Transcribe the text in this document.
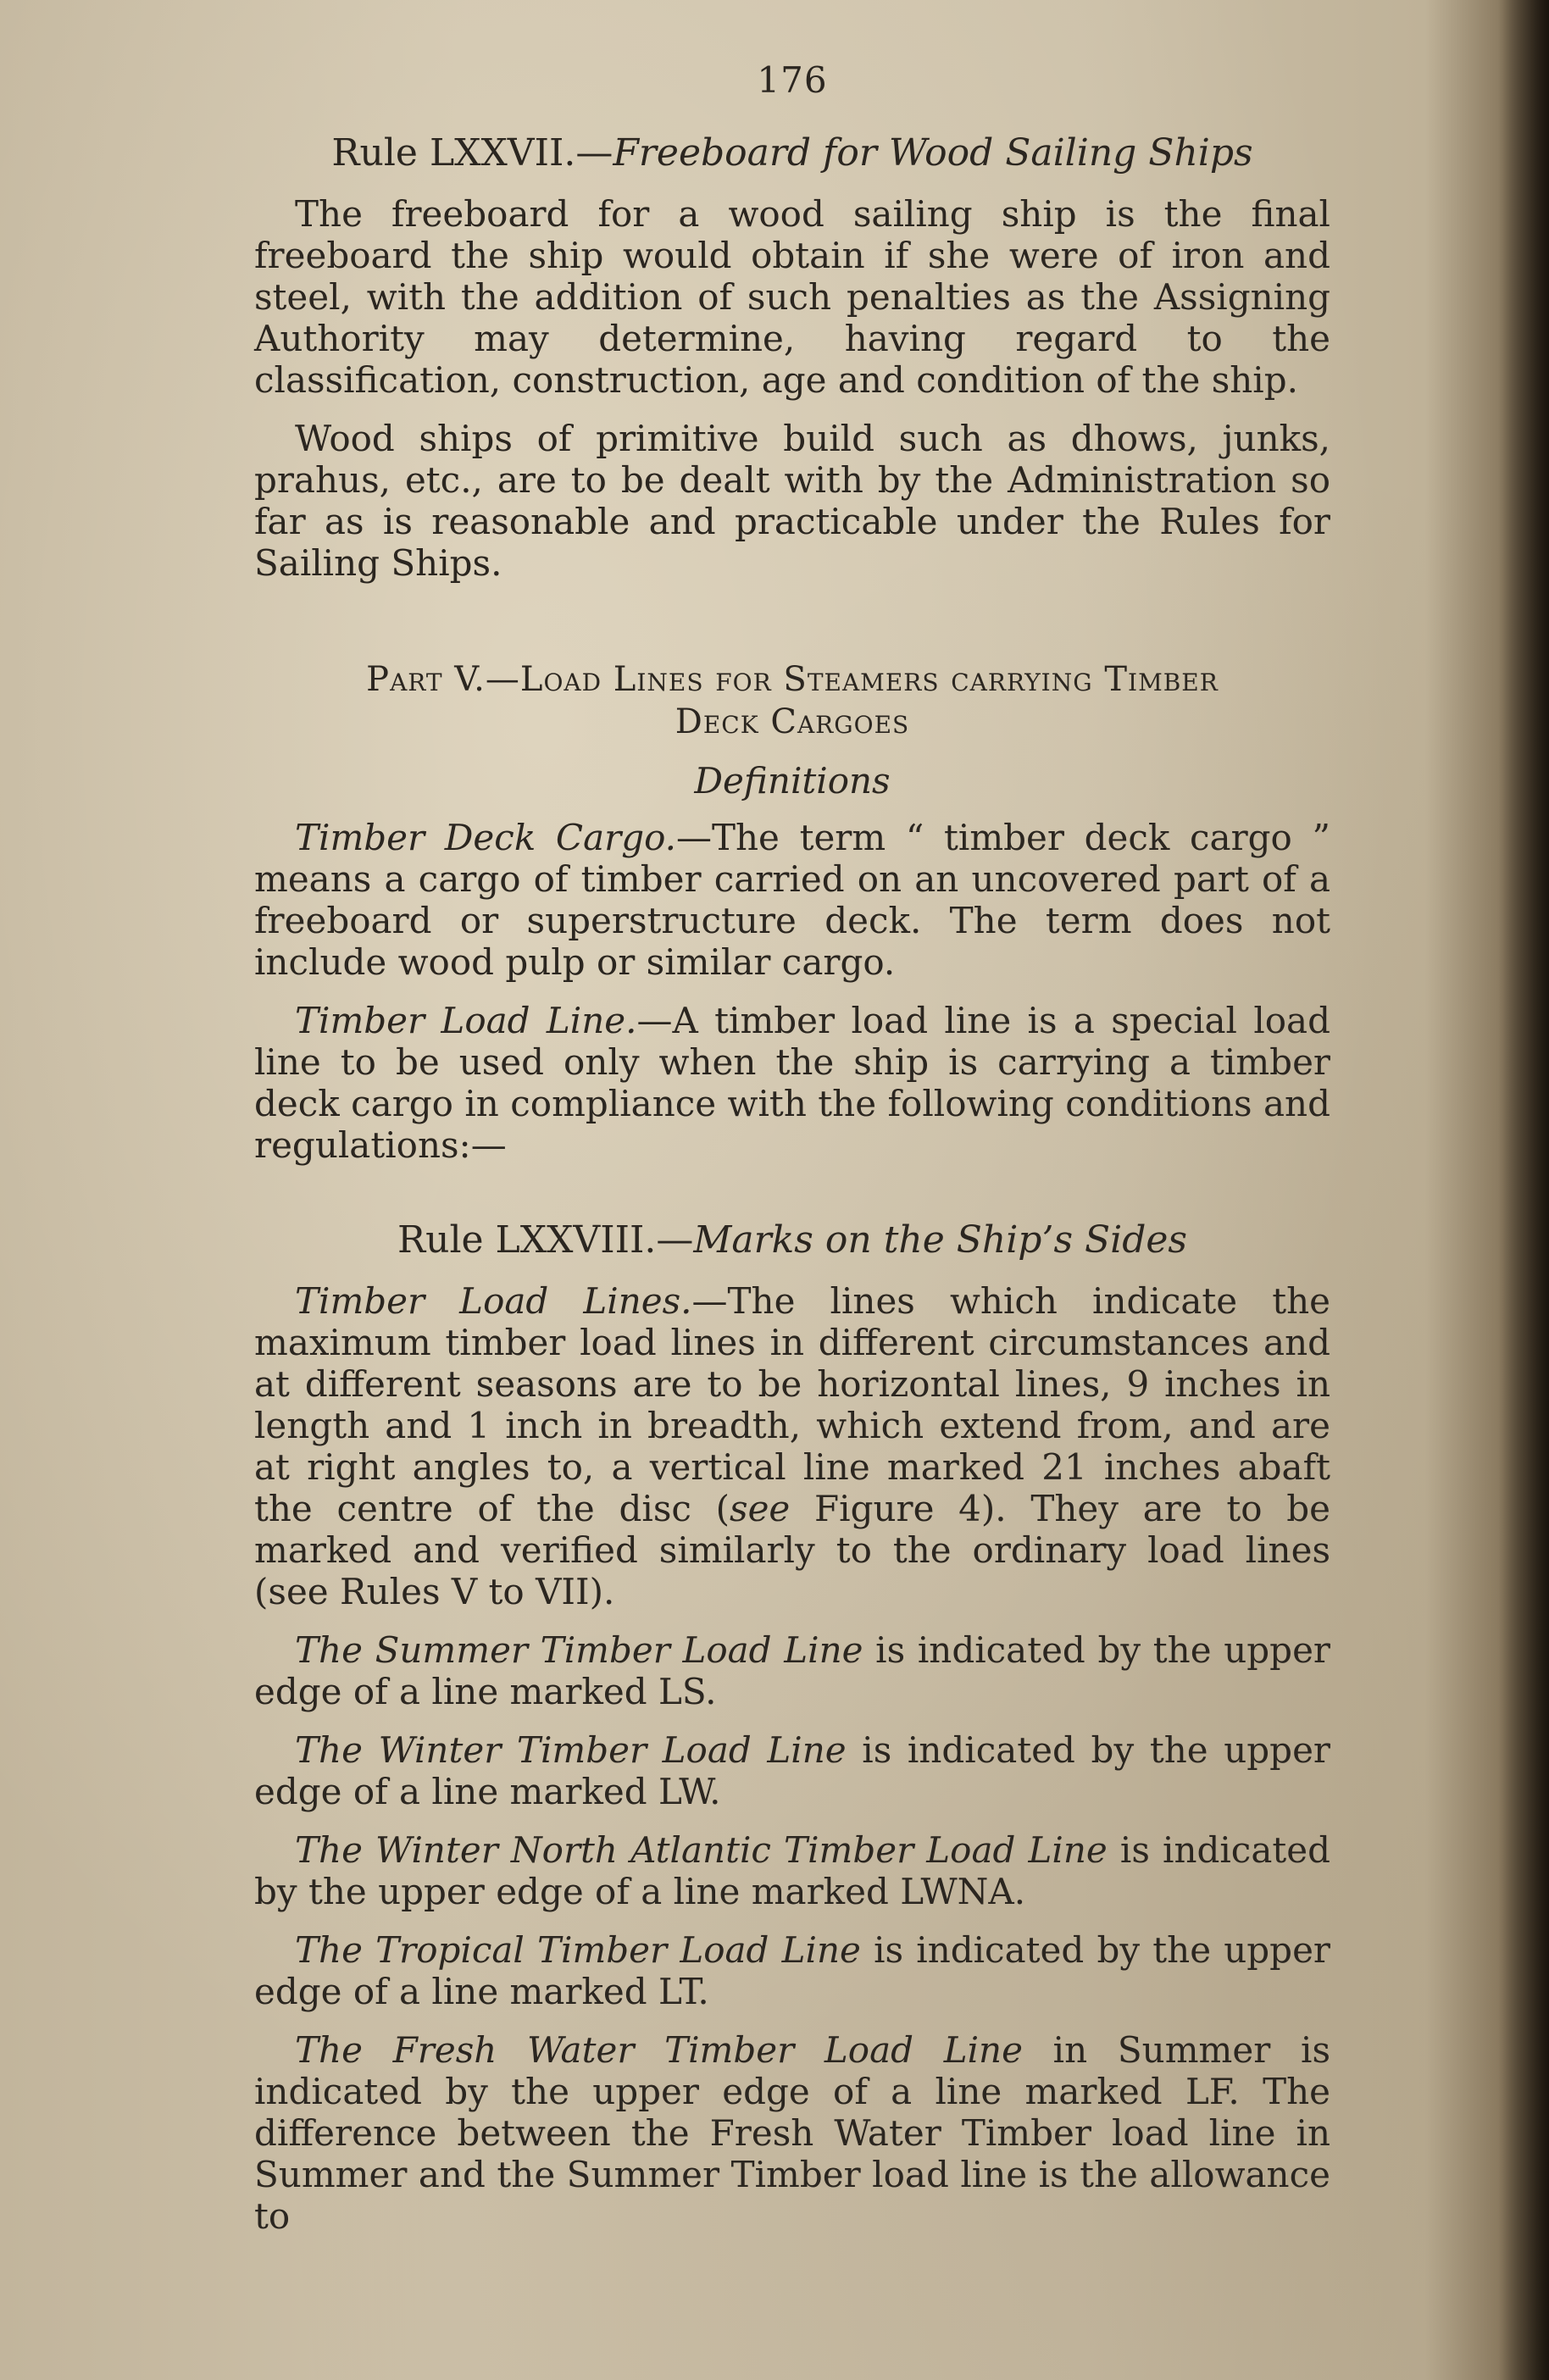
176
Rule LXXVII.—Freeboard for Wood Sailing Ships

The freeboard for a wood sailing ship is the final freeboard the ship would obtain if she were of iron and steel, with the addition of such penalties as the Assigning Authority may determine, having regard to the classification, construction, age and condition of the ship.

Wood ships of primitive build such as dhows, junks, prahus, etc., are to be dealt with by the Administration so far as is reasonable and practicable under the Rules for Sailing Ships.

Part V.—Load Lines for Steamers carrying Timber
Deck Cargoes
Definitions

Timber Deck Cargo.—The term “ timber deck cargo ” means a cargo of timber carried on an uncovered part of a freeboard or superstructure deck. The term does not include wood pulp or similar cargo.

Timber Load Line.—A timber load line is a special load line to be used only when the ship is carrying a timber deck cargo in compliance with the following conditions and regulations:—

Rule LXXVIII.—Marks on the Ship’s Sides

Timber Load Lines.—The lines which indicate the maximum timber load lines in different circumstances and at different seasons are to be horizontal lines, 9 inches in length and 1 inch in breadth, which extend from, and are at right angles to, a vertical line marked 21 inches abaft the centre of the disc (see Figure 4). They are to be marked and verified similarly to the ordinary load lines (see Rules V to VII).

The Summer Timber Load Line is indicated by the upper edge of a line marked LS.

The Winter Timber Load Line is indicated by the upper edge of a line marked LW.

The Winter North Atlantic Timber Load Line is indicated by the upper edge of a line marked LWNA.

The Tropical Timber Load Line is indicated by the upper edge of a line marked LT.

The Fresh Water Timber Load Line in Summer is indicated by the upper edge of a line marked LF. The difference between the Fresh Water Timber load line in Summer and the Summer Timber load line is the allowance to
